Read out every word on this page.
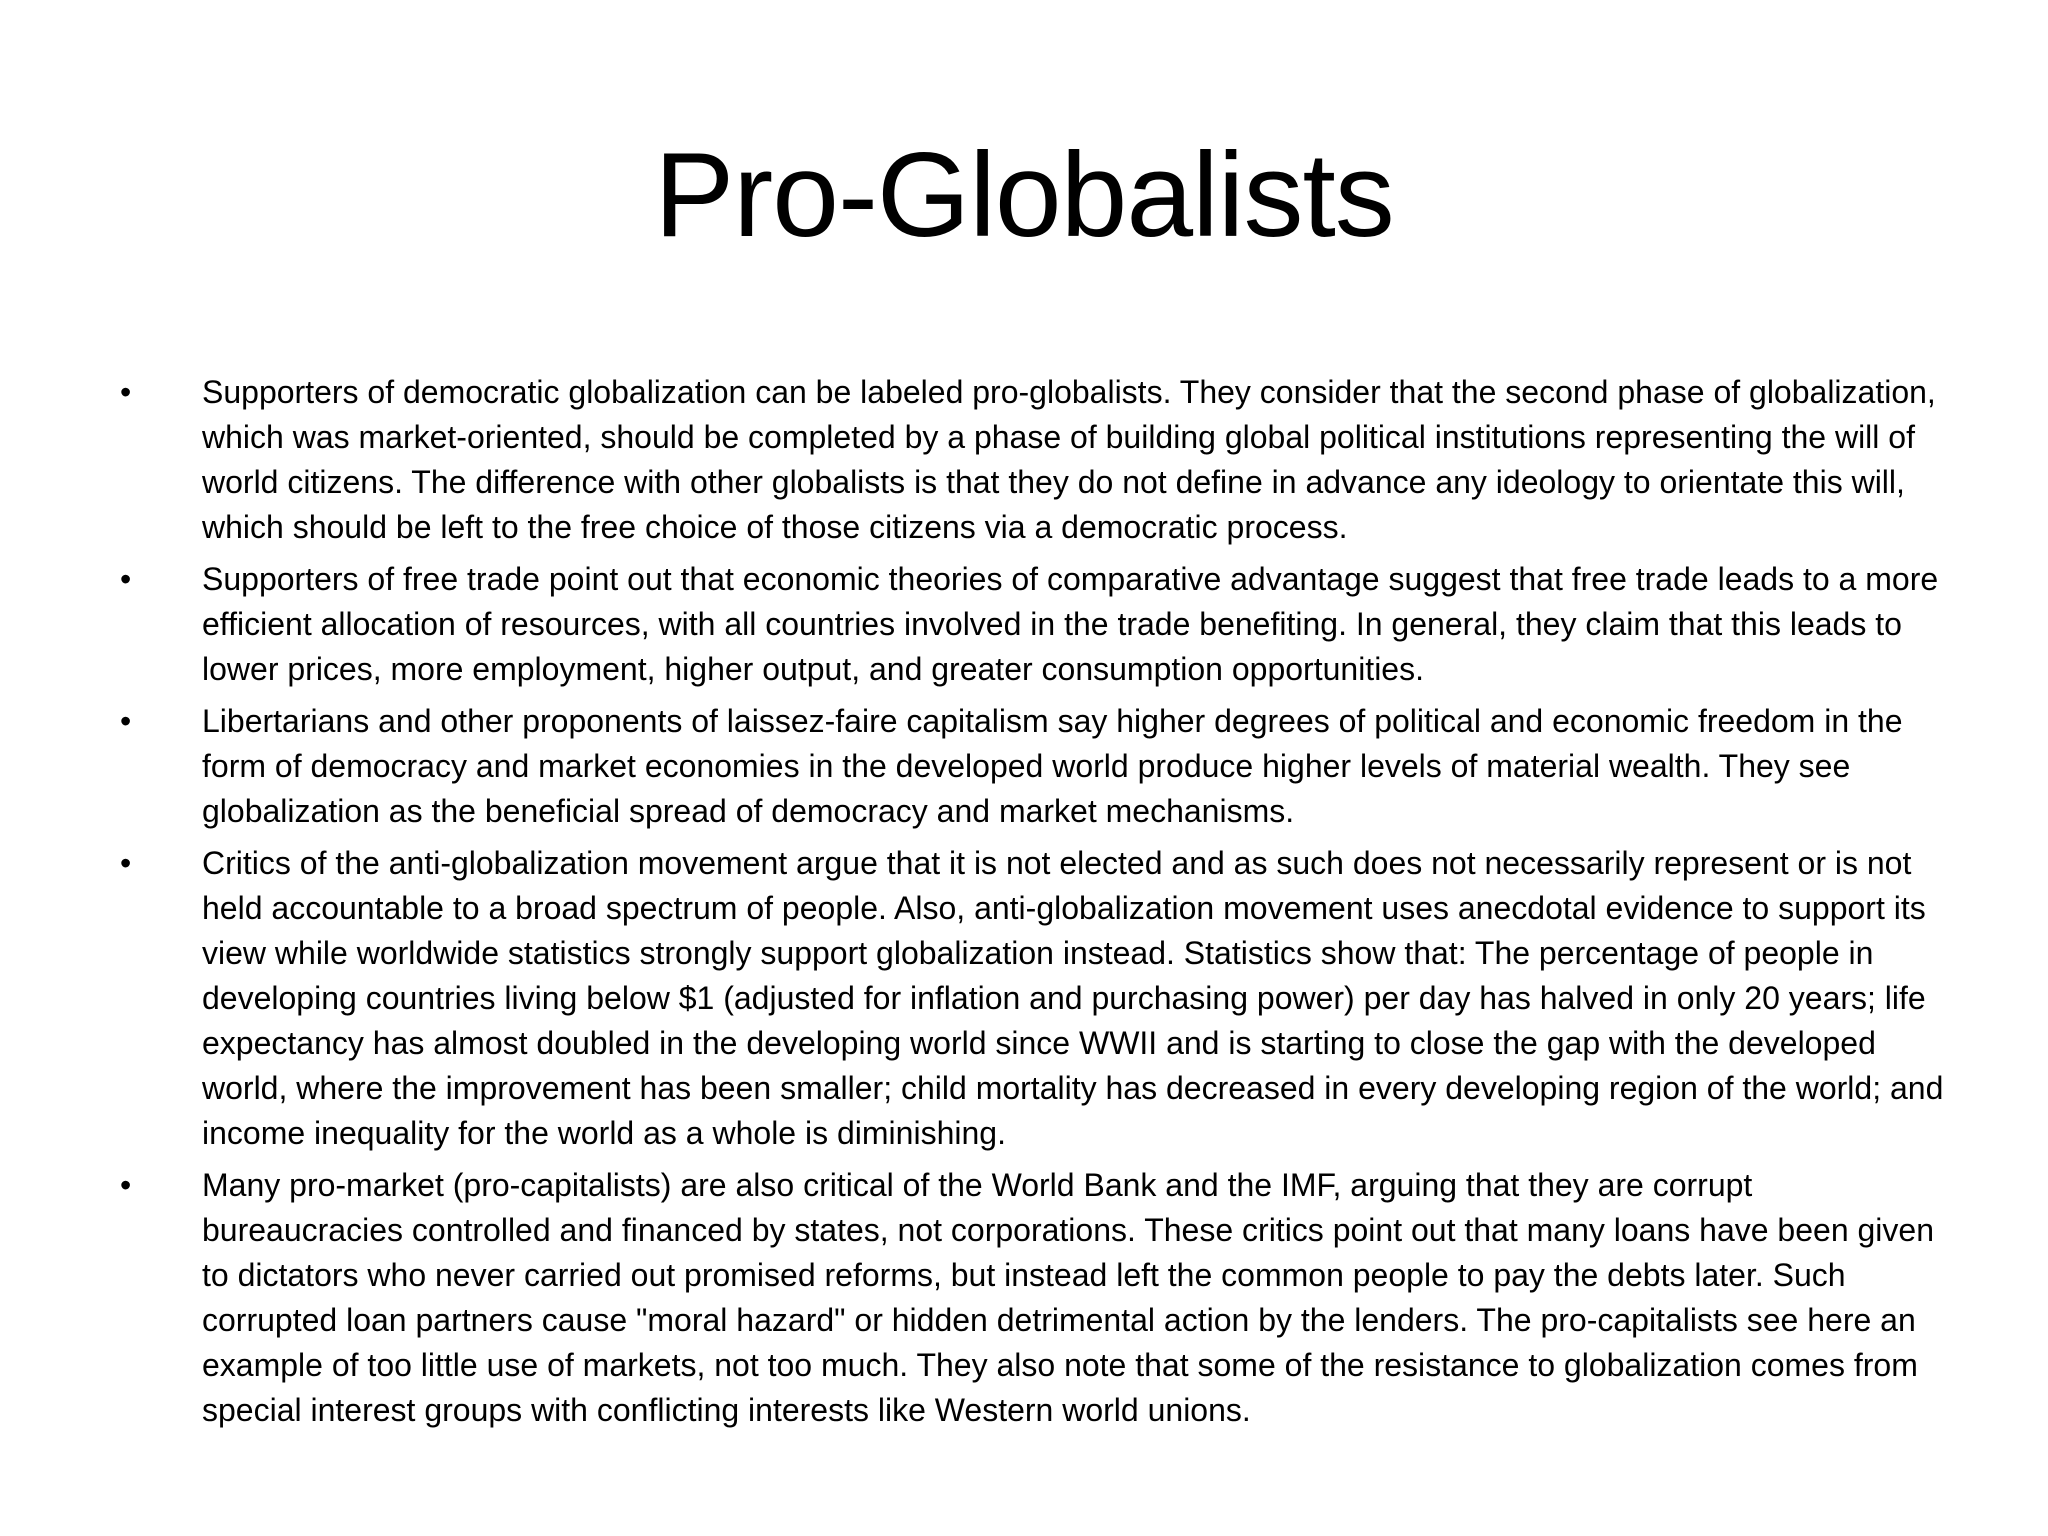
Pro-Globalists
•	Supporters of democratic globalization can be labeled pro-globalists. They consider that the second phase of globalization, which was market-oriented, should be completed by a phase of building global political institutions representing the will of world citizens. The difference with other globalists is that they do not define in advance any ideology to orientate this will, which should be left to the free choice of those citizens via a democratic process.
•	Supporters of free trade point out that economic theories of comparative advantage suggest that free trade leads to a more efficient allocation of resources, with all countries involved in the trade benefiting. In general, they claim that this leads to lower prices, more employment, higher output, and greater consumption opportunities.
•	Libertarians and other proponents of laissez-faire capitalism say higher degrees of political and economic freedom in the form of democracy and market economies in the developed world produce higher levels of material wealth. They see globalization as the beneficial spread of democracy and market mechanisms.
•	Critics of the anti-globalization movement argue that it is not elected and as such does not necessarily represent or is not held accountable to a broad spectrum of people. Also, anti-globalization movement uses anecdotal evidence to support its view while worldwide statistics strongly support globalization instead. Statistics show that: The percentage of people in developing countries living below $1 (adjusted for inflation and purchasing power) per day has halved in only 20 years; life expectancy has almost doubled in the developing world since WWII and is starting to close the gap with the developed world, where the improvement has been smaller; child mortality has decreased in every developing region of the world; and income inequality for the world as a whole is diminishing.
•	Many pro-market (pro-capitalists) are also critical of the World Bank and the IMF, arguing that they are corrupt bureaucracies controlled and financed by states, not corporations. These critics point out that many loans have been given to dictators who never carried out promised reforms, but instead left the common people to pay the debts later. Such corrupted loan partners cause "moral hazard" or hidden detrimental action by the lenders. The pro-capitalists see here an example of too little use of markets, not too much. They also note that some of the resistance to globalization comes from special interest groups with conflicting interests like Western world unions.
